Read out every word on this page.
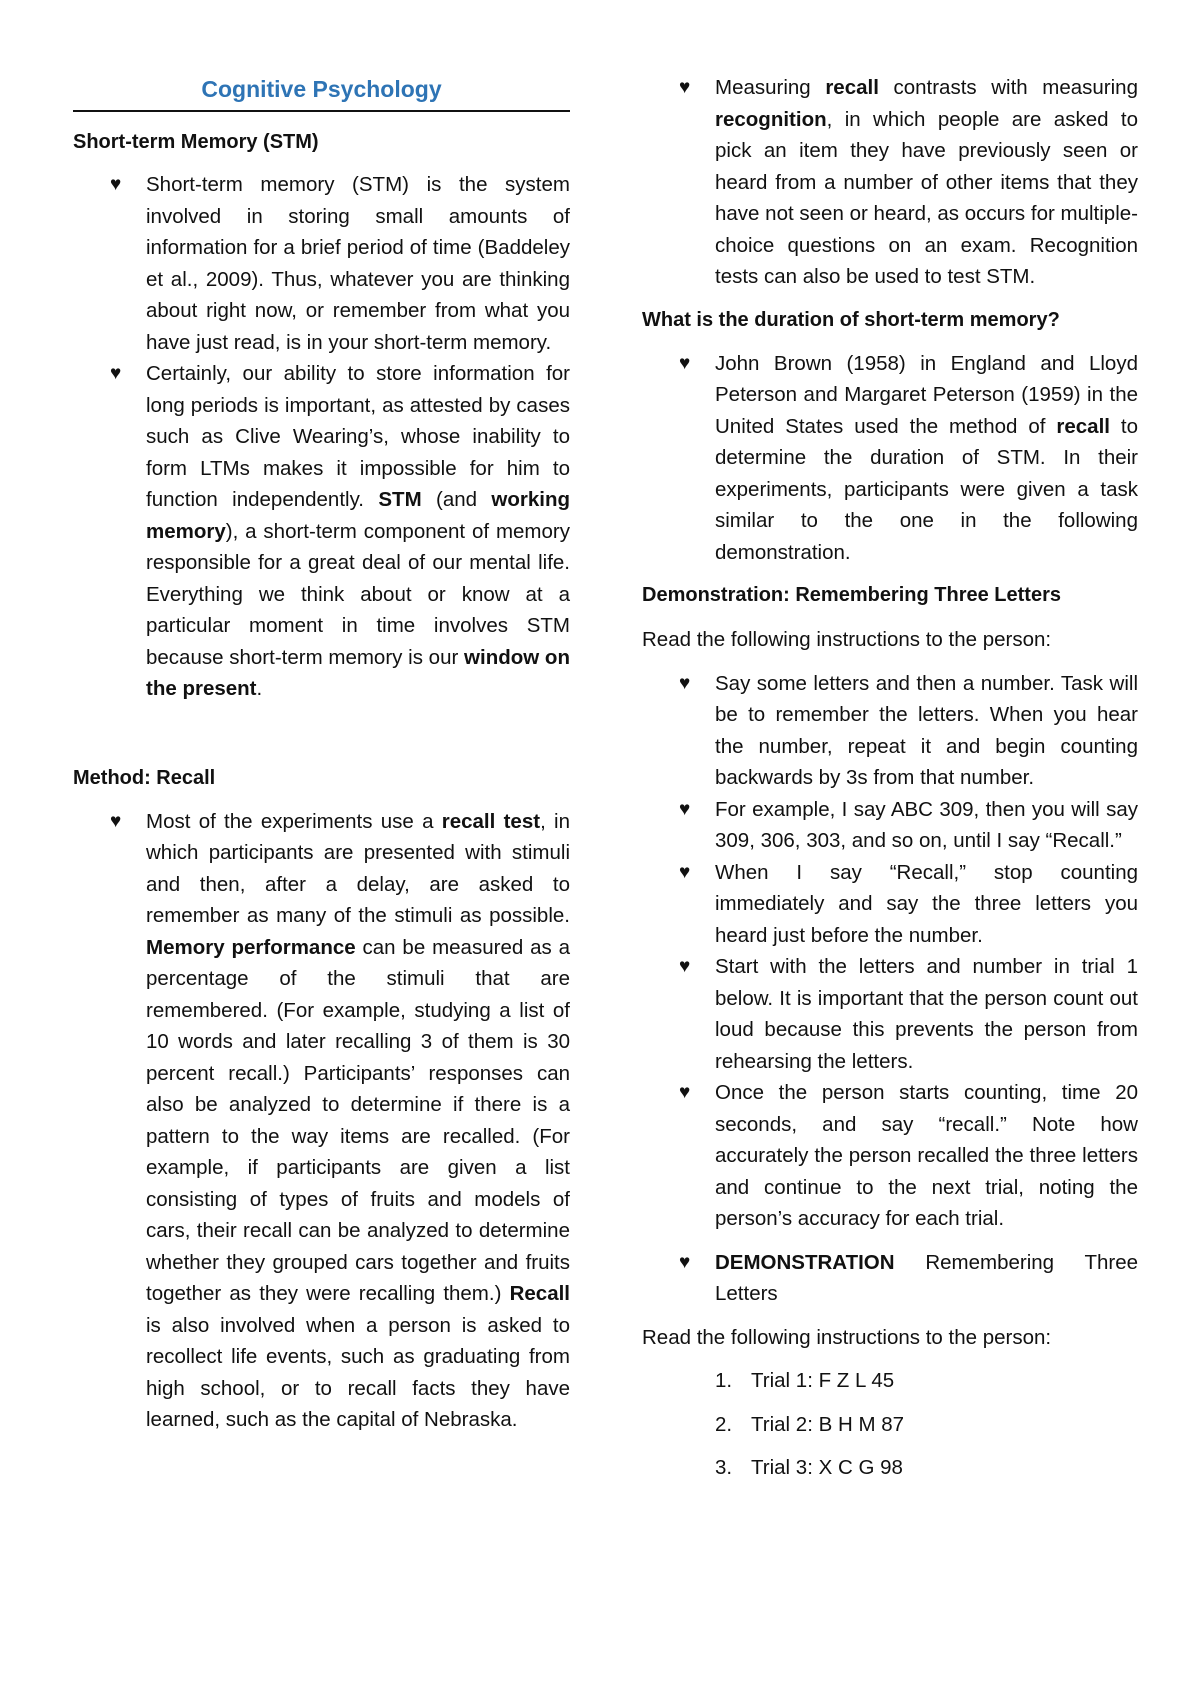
Cognitive Psychology

Short-term Memory (STM)

♥ Short-term memory (STM) is the system involved in storing small amounts of information for a brief period of time (Baddeley et al., 2009). Thus, whatever you are thinking about right now, or remember from what you have just read, is in your short-term memory.
♥ Certainly, our ability to store information for long periods is important, as attested by cases such as Clive Wearing’s, whose inability to form LTMs makes it impossible for him to function independently. STM (and working memory), a short-term component of memory responsible for a great deal of our mental life. Everything we think about or know at a particular moment in time involves STM because short-term memory is our window on the present.

Method: Recall

♥ Most of the experiments use a recall test, in which participants are presented with stimuli and then, after a delay, are asked to remember as many of the stimuli as possible. Memory performance can be measured as a percentage of the stimuli that are remembered. (For example, studying a list of 10 words and later recalling 3 of them is 30 percent recall.) Participants’ responses can also be analyzed to determine if there is a pattern to the way items are recalled. (For example, if participants are given a list consisting of types of fruits and models of cars, their recall can be analyzed to determine whether they grouped cars together and fruits together as they were recalling them.) Recall is also involved when a person is asked to recollect life events, such as graduating from high school, or to recall facts they have learned, such as the capital of Nebraska.
♥ Measuring recall contrasts with measuring recognition, in which people are asked to pick an item they have previously seen or heard from a number of other items that they have not seen or heard, as occurs for multiple-choice questions on an exam. Recognition tests can also be used to test STM.

What is the duration of short-term memory?

♥ John Brown (1958) in England and Lloyd Peterson and Margaret Peterson (1959) in the United States used the method of recall to determine the duration of STM. In their experiments, participants were given a task similar to the one in the following demonstration.

Demonstration: Remembering Three Letters

Read the following instructions to the person:

♥ Say some letters and then a number. Task will be to remember the letters. When you hear the number, repeat it and begin counting backwards by 3s from that number.
♥ For example, I say ABC 309, then you will say 309, 306, 303, and so on, until I say “Recall.”
♥ When I say “Recall,” stop counting immediately and say the three letters you heard just before the number.
♥ Start with the letters and number in trial 1 below. It is important that the person count out loud because this prevents the person from rehearsing the letters.
♥ Once the person starts counting, time 20 seconds, and say “recall.” Note how accurately the person recalled the three letters and continue to the next trial, noting the person’s accuracy for each trial.
♥ DEMONSTRATION Remembering Three Letters

Read the following instructions to the person:

1. Trial 1: F Z L 45
2. Trial 2: B H M 87
3. Trial 3: X C G 98
